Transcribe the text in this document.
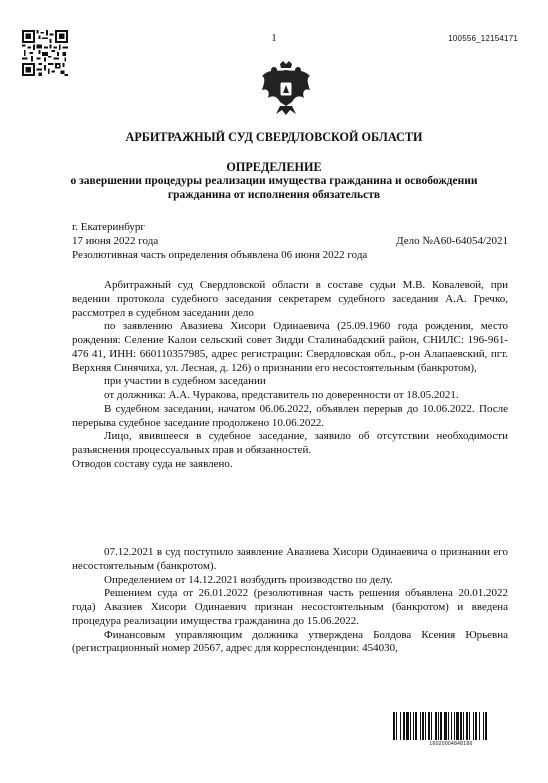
1	100556_12154171
АРБИТРАЖНЫЙ СУД СВЕРДЛОВСКОЙ ОБЛАСТИ
ОПРЕДЕЛЕНИЕ
о завершении процедуры реализации имущества гражданина и освобождении гражданина от исполнения обязательств
г. Екатеринбург
17 июня 2022 года	Дело №А60-64054/2021
Резолютивная часть определения объявлена 06 июня 2022 года

Арбитражный суд Свердловской области в составе судьи М.В. Ковалевой, при ведении протокола судебного заседания секретарем судебного заседания А.А. Гречко, рассмотрел в судебном заседании дело

по заявлению Авазиева Хисори Одинаевича (25.09.1960 года рождения, место рождения: Селение Калои сельский совет Зидди Сталинабадский район, СНИЛС: 196-961-476 41, ИНН: 660110357985, адрес регистрации: Свердловская обл., р-он Алапаевский, пгт. Верхняя Синячиха, ул. Лесная, д. 126) о признании его несостоятельным (банкротом),

при участии в судебном заседании

от должника: А.А. Чуракова, представитель по доверенности от 18.05.2021.

В судебном заседании, начатом 06.06.2022, объявлен перерыв до 10.06.2022. После перерыва судебное заседание продолжено 10.06.2022.

Лицо, явившееся в судебное заседание, заявило об отсутствии необходимости разъяснения процессуальных прав и обязанностей.

Отводов составу суда не заявлено.

07.12.2021 в суд поступило заявление Авазиева Хисори Одинаевича о признании его несостоятельным (банкротом).

Определением от 14.12.2021 возбудить производство по делу.

Решением суда от 26.01.2022 (резолютивная часть решения объявлена 20.01.2022 года) Авазиев Хисори Одинаевич признан несостоятельным (банкротом) и введена процедура реализации имущества гражданина до 15.06.2022.

Финансовым управляющим должника утверждена Болдова Ксения Юрьевна (регистрационный номер 20567, адрес для корреспонденции: 454030,

16020004848186
